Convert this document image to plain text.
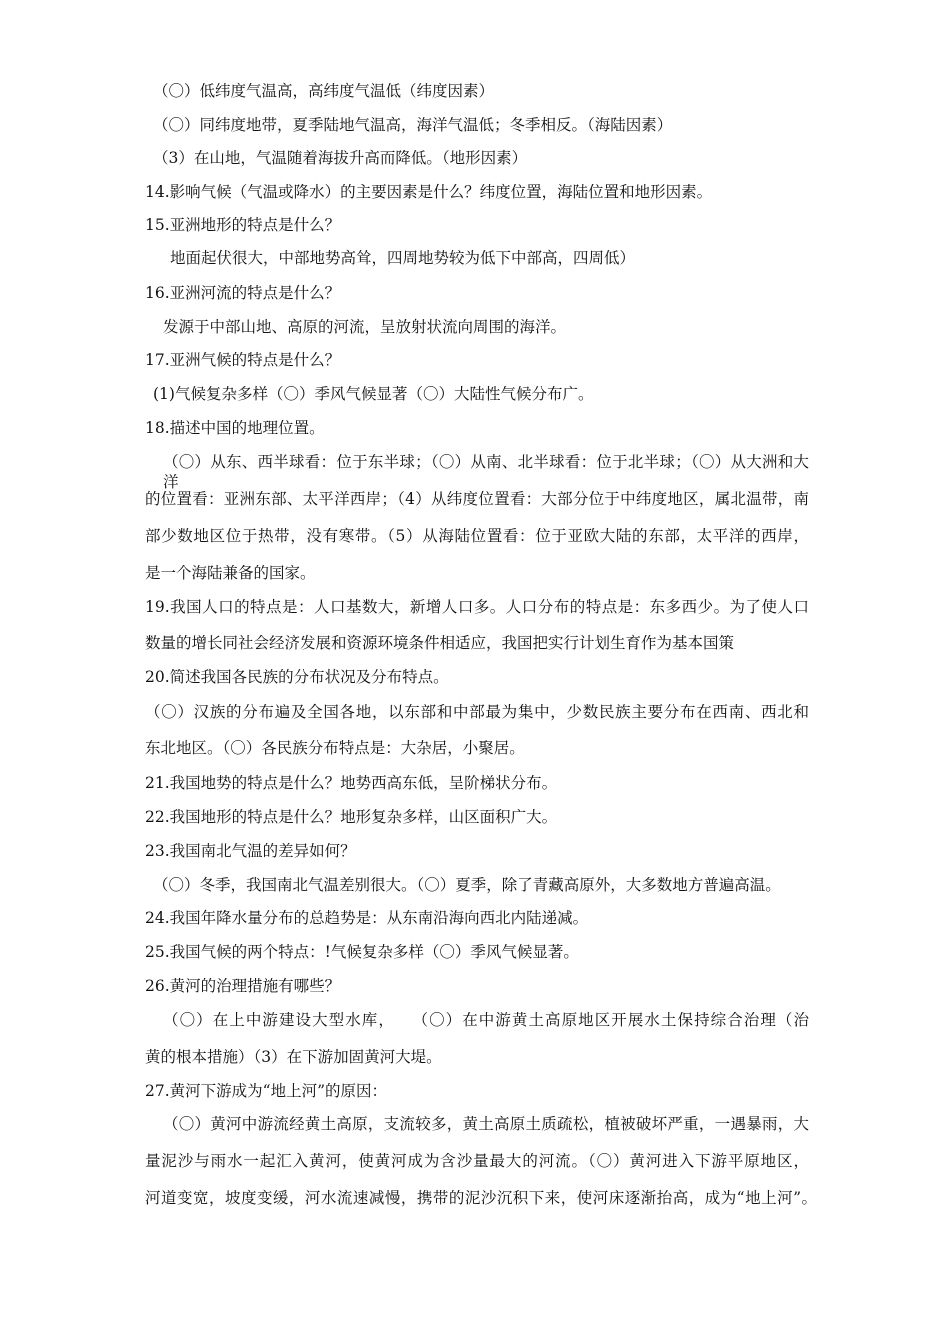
（〇）低纬度气温高，高纬度气温低（纬度因素）
（〇）同纬度地带，夏季陆地气温高，海洋气温低；冬季相反。（海陆因素）
（3）在山地，气温随着海拔升高而降低。（地形因素）
14.影响气候（气温或降水）的主要因素是什么？纬度位置，海陆位置和地形因素。
15.亚洲地形的特点是什么？
地面起伏很大，中部地势高耸，四周地势较为低下中部高，四周低）
16.亚洲河流的特点是什么？
发源于中部山地、高原的河流，呈放射状流向周围的海洋。
17.亚洲气候的特点是什么？
(1)气候复杂多样（〇）季风气候显著（〇）大陆性气候分布广。
18.描述中国的地理位置。
（〇）从东、西半球看：位于东半球；（〇）从南、北半球看：位于北半球；（〇）从大洲和大洋
的位置看：亚洲东部、太平洋西岸；（4）从纬度位置看：大部分位于中纬度地区，属北温带，南
部少数地区位于热带，没有寒带。（5）从海陆位置看：位于亚欧大陆的东部，太平洋的西岸，
是一个海陆兼备的国家。
19.我国人口的特点是：人口基数大，新增人口多。人口分布的特点是：东多西少。为了使人口
数量的增长同社会经济发展和资源环境条件相适应，我国把实行计划生育作为基本国策
20.简述我国各民族的分布状况及分布特点。
（〇）汉族的分布遍及全国各地，以东部和中部最为集中，少数民族主要分布在西南、西北和
东北地区。（〇）各民族分布特点是：大杂居，小聚居。
21.我国地势的特点是什么？地势西高东低，呈阶梯状分布。
22.我国地形的特点是什么？地形复杂多样，山区面积广大。
23.我国南北气温的差异如何？
（〇）冬季，我国南北气温差别很大。（〇）夏季，除了青藏高原外，大多数地方普遍高温。
24.我国年降水量分布的总趋势是：从东南沿海向西北内陆递减。
25.我国气候的两个特点：!气候复杂多样（〇）季风气候显著。
26.黄河的治理措施有哪些？
（〇）在上中游建设大型水库，　　（〇）在中游黄土高原地区开展水土保持综合治理（治
黄的根本措施）（3）在下游加固黄河大堤。
27.黄河下游成为“地上河”的原因：
（〇）黄河中游流经黄土高原，支流较多，黄土高原土质疏松，植被破坏严重，一遇暴雨，大
量泥沙与雨水一起汇入黄河，使黄河成为含沙量最大的河流。（〇）黄河进入下游平原地区，
河道变宽，坡度变缓，河水流速减慢，携带的泥沙沉积下来，使河床逐渐抬高，成为“地上河”。
